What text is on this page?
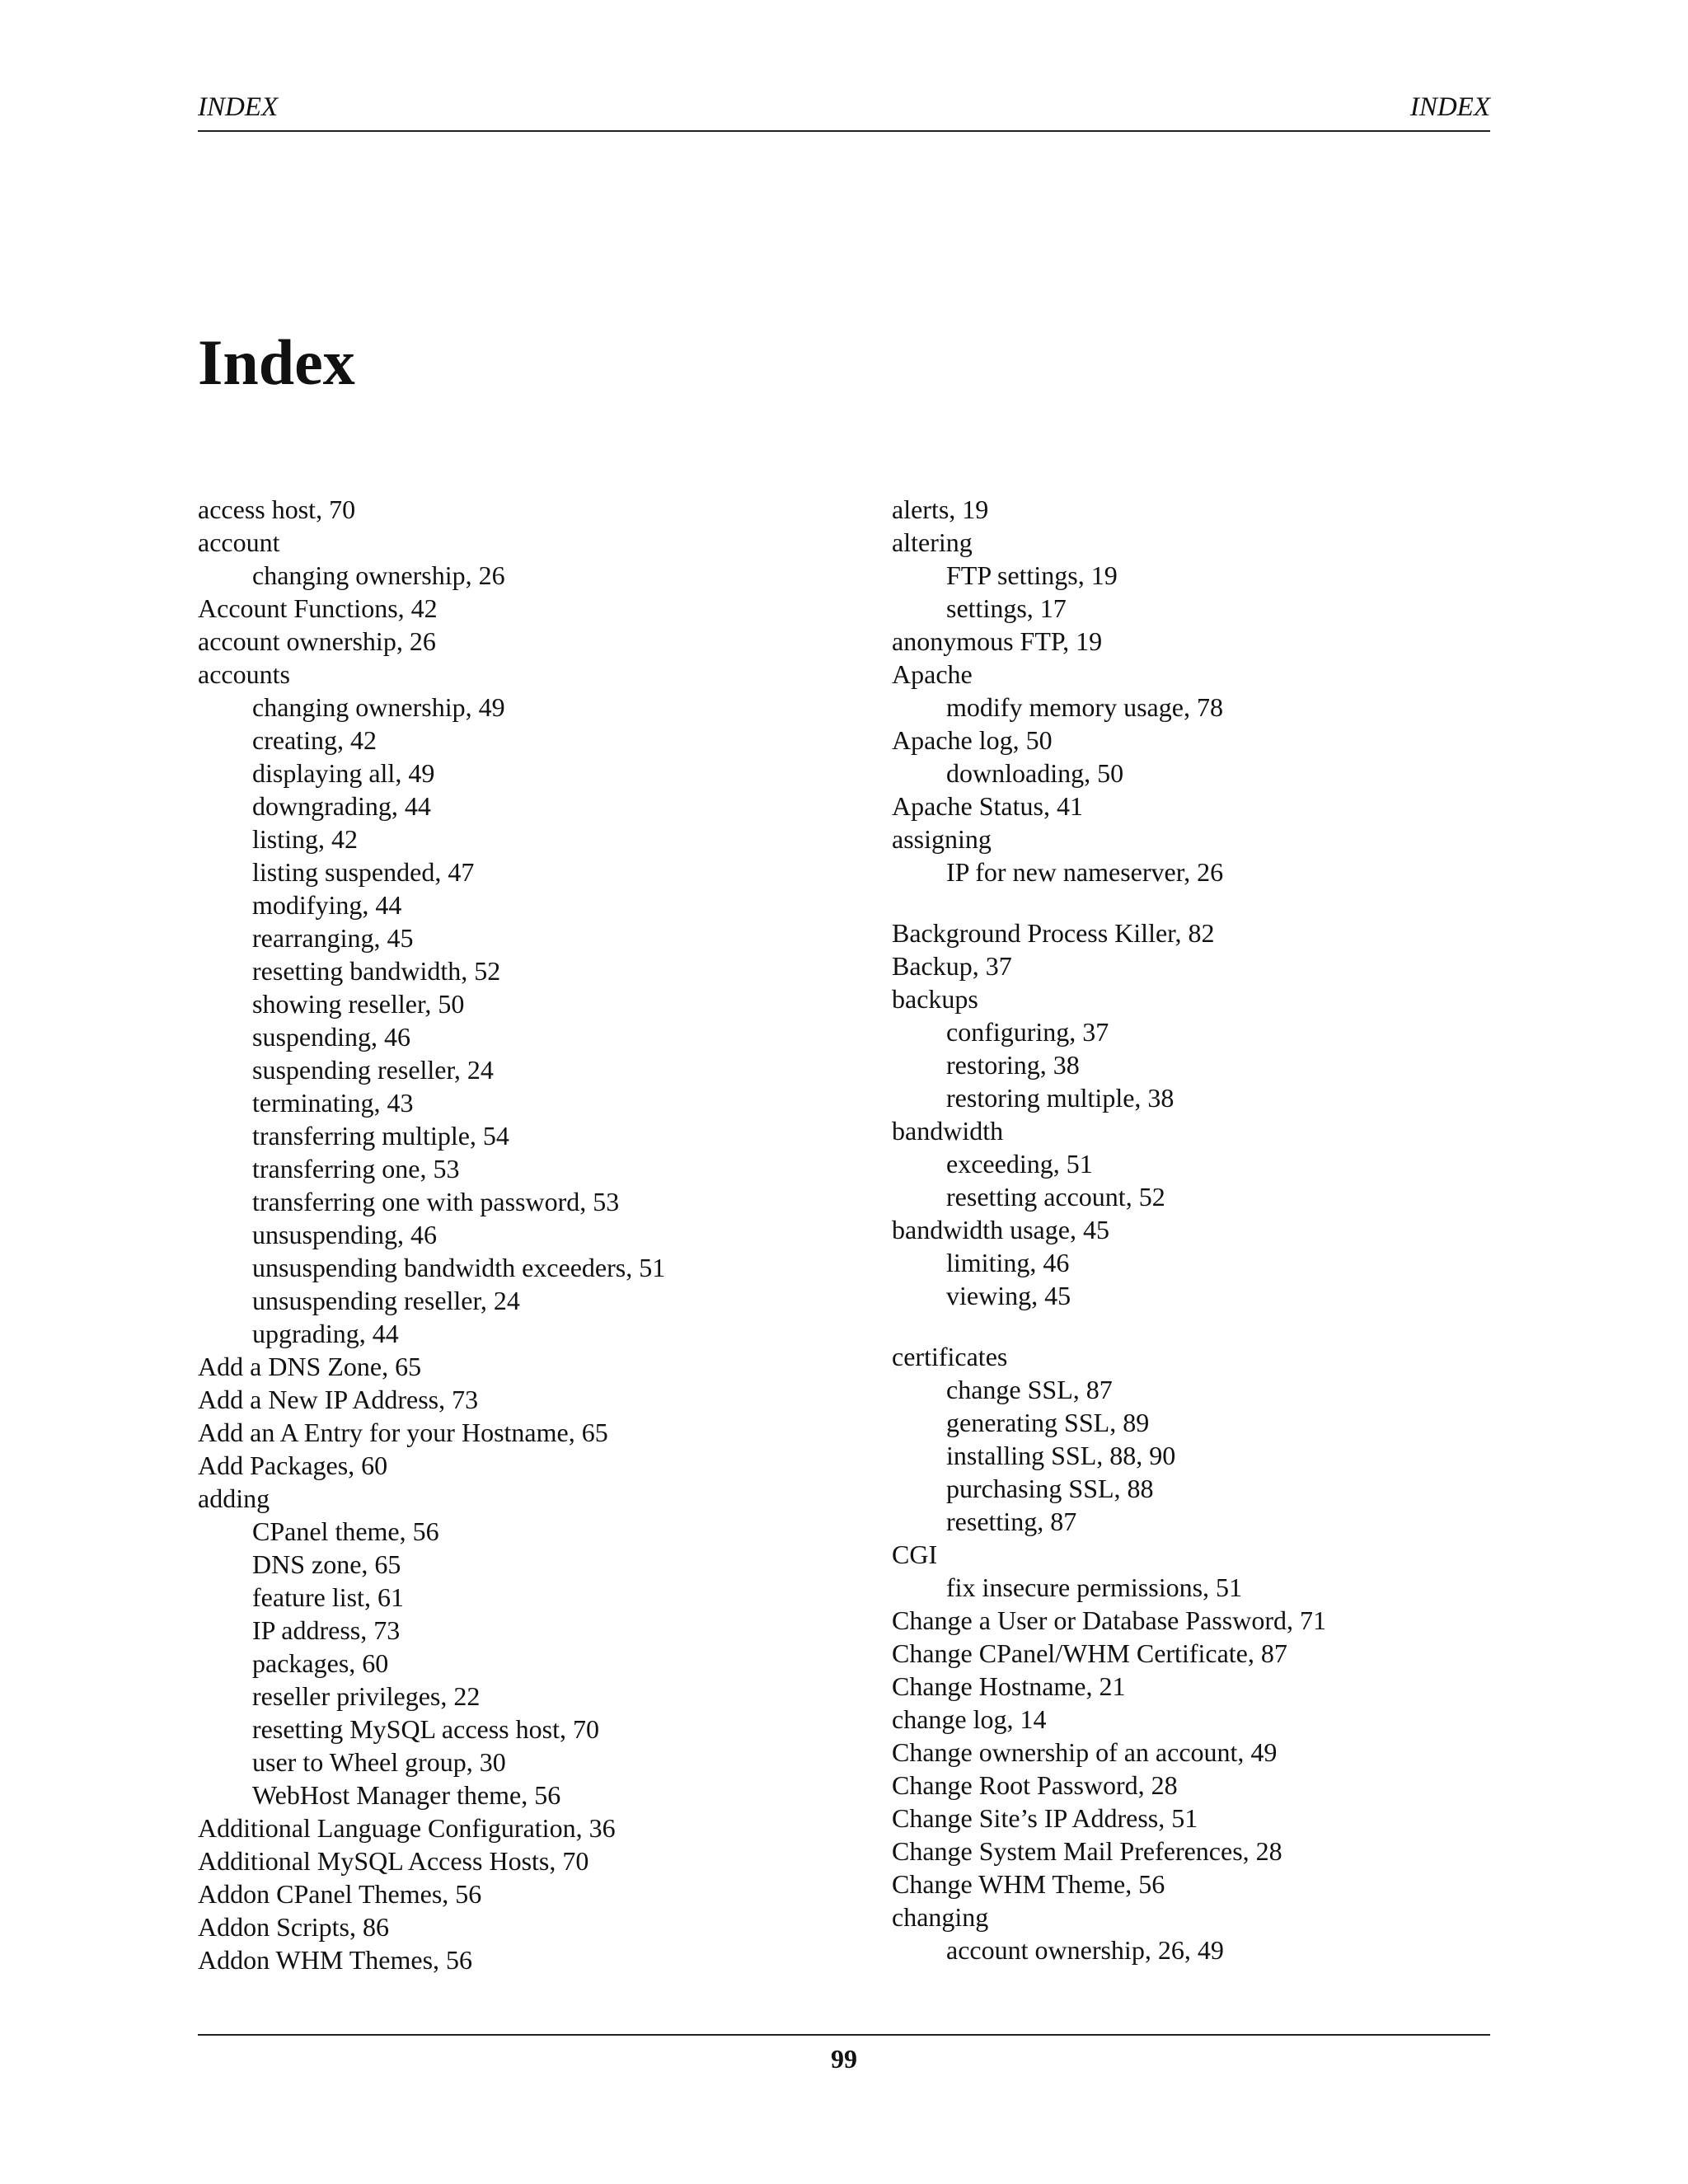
INDEX	INDEX
Index
access host, 70
account
changing ownership, 26
Account Functions, 42
account ownership, 26
accounts
changing ownership, 49
creating, 42
displaying all, 49
downgrading, 44
listing, 42
listing suspended, 47
modifying, 44
rearranging, 45
resetting bandwidth, 52
showing reseller, 50
suspending, 46
suspending reseller, 24
terminating, 43
transferring multiple, 54
transferring one, 53
transferring one with password, 53
unsuspending, 46
unsuspending bandwidth exceeders, 51
unsuspending reseller, 24
upgrading, 44
Add a DNS Zone, 65
Add a New IP Address, 73
Add an A Entry for your Hostname, 65
Add Packages, 60
adding
CPanel theme, 56
DNS zone, 65
feature list, 61
IP address, 73
packages, 60
reseller privileges, 22
resetting MySQL access host, 70
user to Wheel group, 30
WebHost Manager theme, 56
Additional Language Configuration, 36
Additional MySQL Access Hosts, 70
Addon CPanel Themes, 56
Addon Scripts, 86
Addon WHM Themes, 56
alerts, 19
altering
FTP settings, 19
settings, 17
anonymous FTP, 19
Apache
modify memory usage, 78
Apache log, 50
downloading, 50
Apache Status, 41
assigning
IP for new nameserver, 26
Background Process Killer, 82
Backup, 37
backups
configuring, 37
restoring, 38
restoring multiple, 38
bandwidth
exceeding, 51
resetting account, 52
bandwidth usage, 45
limiting, 46
viewing, 45
certificates
change SSL, 87
generating SSL, 89
installing SSL, 88, 90
purchasing SSL, 88
resetting, 87
CGI
fix insecure permissions, 51
Change a User or Database Password, 71
Change CPanel/WHM Certificate, 87
Change Hostname, 21
change log, 14
Change ownership of an account, 49
Change Root Password, 28
Change Site’s IP Address, 51
Change System Mail Preferences, 28
Change WHM Theme, 56
changing
account ownership, 26, 49
99
